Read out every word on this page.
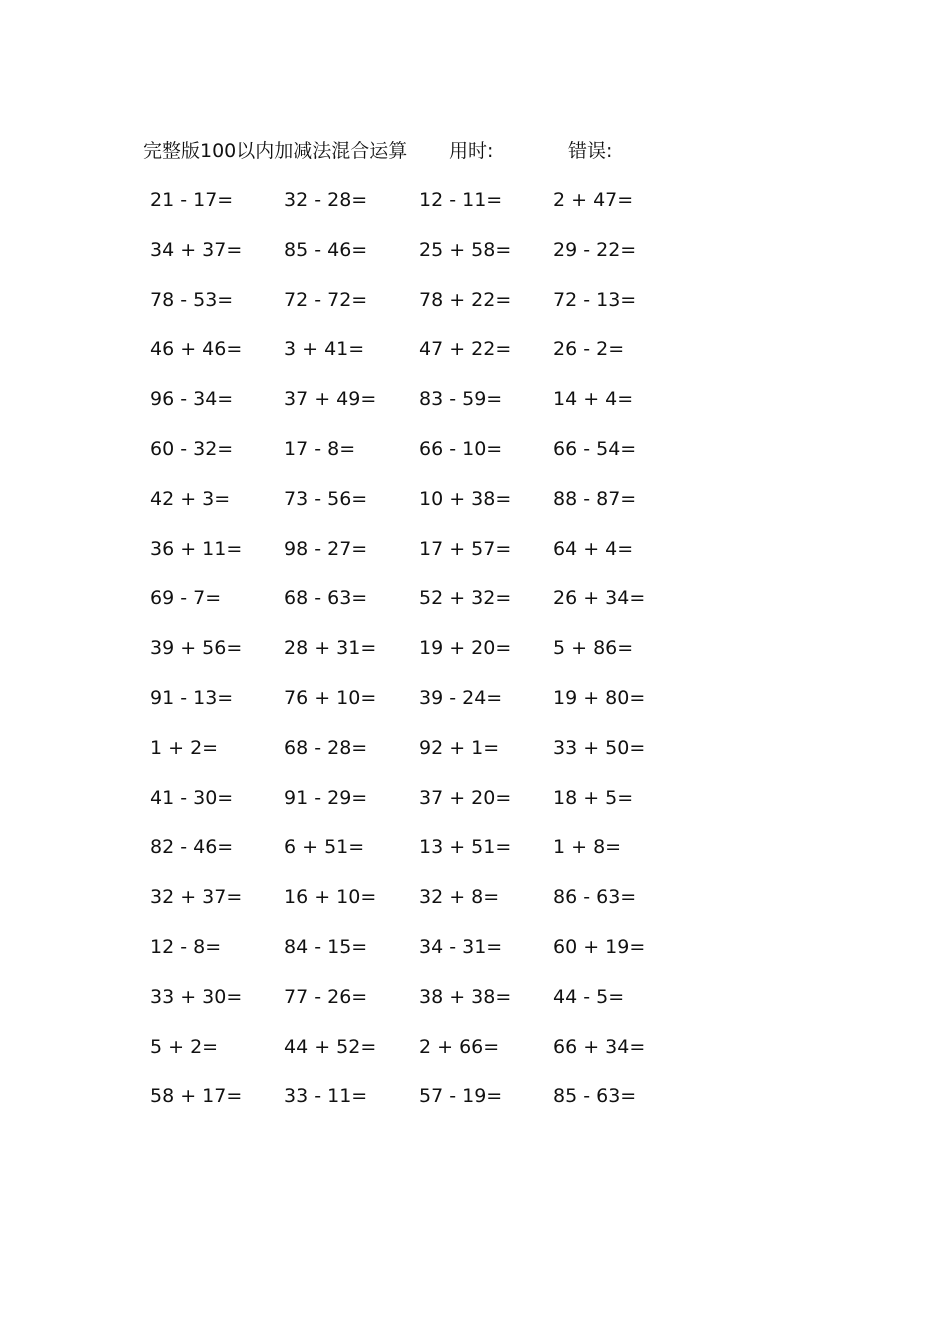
完整版100以内加减法混合运算 用时:	错误:
21 - 17=	32 - 28=	12 - 11=	2 + 47=
34 + 37= 85 - 46=	25 + 58= 29 - 22=
78 - 53=	72 - 72=	78 + 22= 72 - 13=
46 + 46= 3 + 41=	47 + 22= 26 - 2=
96 - 34=	37 + 49= 83 - 59=	14 + 4=
60 - 32=	17 - 8=	66 - 10=	66 - 54=
42 + 3=	73 - 56=	10 + 38= 88 - 87=
36 + 11= 98 - 27=	17 + 57= 64 + 4=
69 - 7=	68 - 63=	52 + 32= 26 + 34=
39 + 56= 28 + 31= 19 + 20= 5 + 86=
91 - 13=	76 + 10= 39 - 24=	19 + 80=
1 + 2=	68 - 28=	92 + 1=	33 + 50=
41 - 30=	91 - 29=	37 + 20= 18 + 5=
82 - 46=	6 + 51=	13 + 51= 1 + 8=
32 + 37= 16 + 10= 32 + 8=	86 - 63=
12 - 8=	84 - 15=	34 - 31=	60 + 19=
33 + 30= 77 - 26=	38 + 38= 44 - 5=
5 + 2=	44 + 52= 2 + 66=	66 + 34=
58 + 17= 33 - 11=	57 - 19=	85 - 63=
